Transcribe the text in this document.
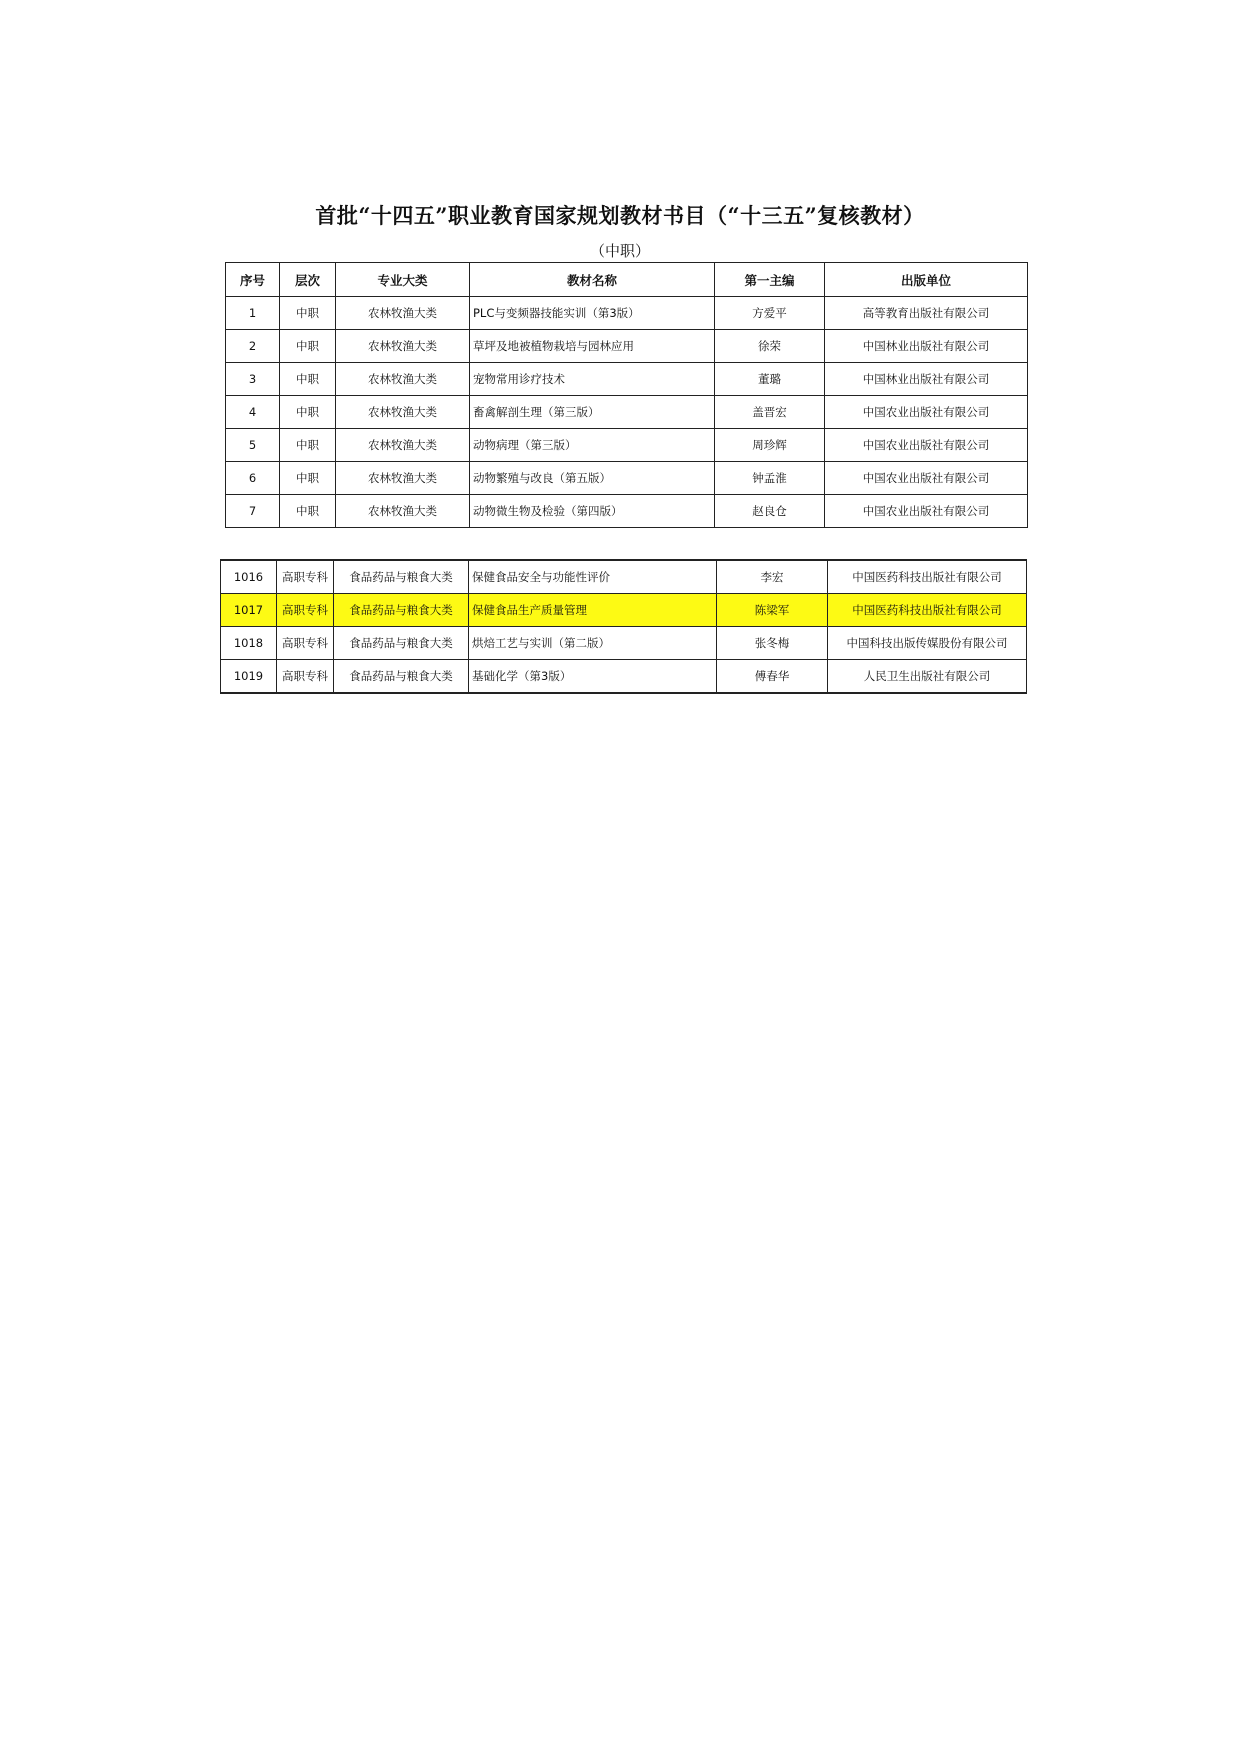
首批“十四五”职业教育国家规划教材书目（“十三五”复核教材）
（中职）
序号	层次	专业大类	教材名称	第一主编	出版单位
1	中职	农林牧渔大类	PLC与变频器技能实训（第3版）	方爱平	高等教育出版社有限公司
2	中职	农林牧渔大类	草坪及地被植物栽培与园林应用	徐荣	中国林业出版社有限公司
3	中职	农林牧渔大类	宠物常用诊疗技术	董璐	中国林业出版社有限公司
4	中职	农林牧渔大类	畜禽解剖生理（第三版）	盖晋宏	中国农业出版社有限公司
5	中职	农林牧渔大类	动物病理（第三版）	周珍辉	中国农业出版社有限公司
6	中职	农林牧渔大类	动物繁殖与改良（第五版）	钟孟淮	中国农业出版社有限公司
7	中职	农林牧渔大类	动物微生物及检验（第四版）	赵良仓	中国农业出版社有限公司
1016	高职专科	食品药品与粮食大类	保健食品安全与功能性评价	李宏	中国医药科技出版社有限公司
1017	高职专科	食品药品与粮食大类	保健食品生产质量管理	陈梁军	中国医药科技出版社有限公司
1018	高职专科	食品药品与粮食大类	烘焙工艺与实训（第二版）	张冬梅	中国科技出版传媒股份有限公司
1019	高职专科	食品药品与粮食大类	基础化学（第3版）	傅春华	人民卫生出版社有限公司
